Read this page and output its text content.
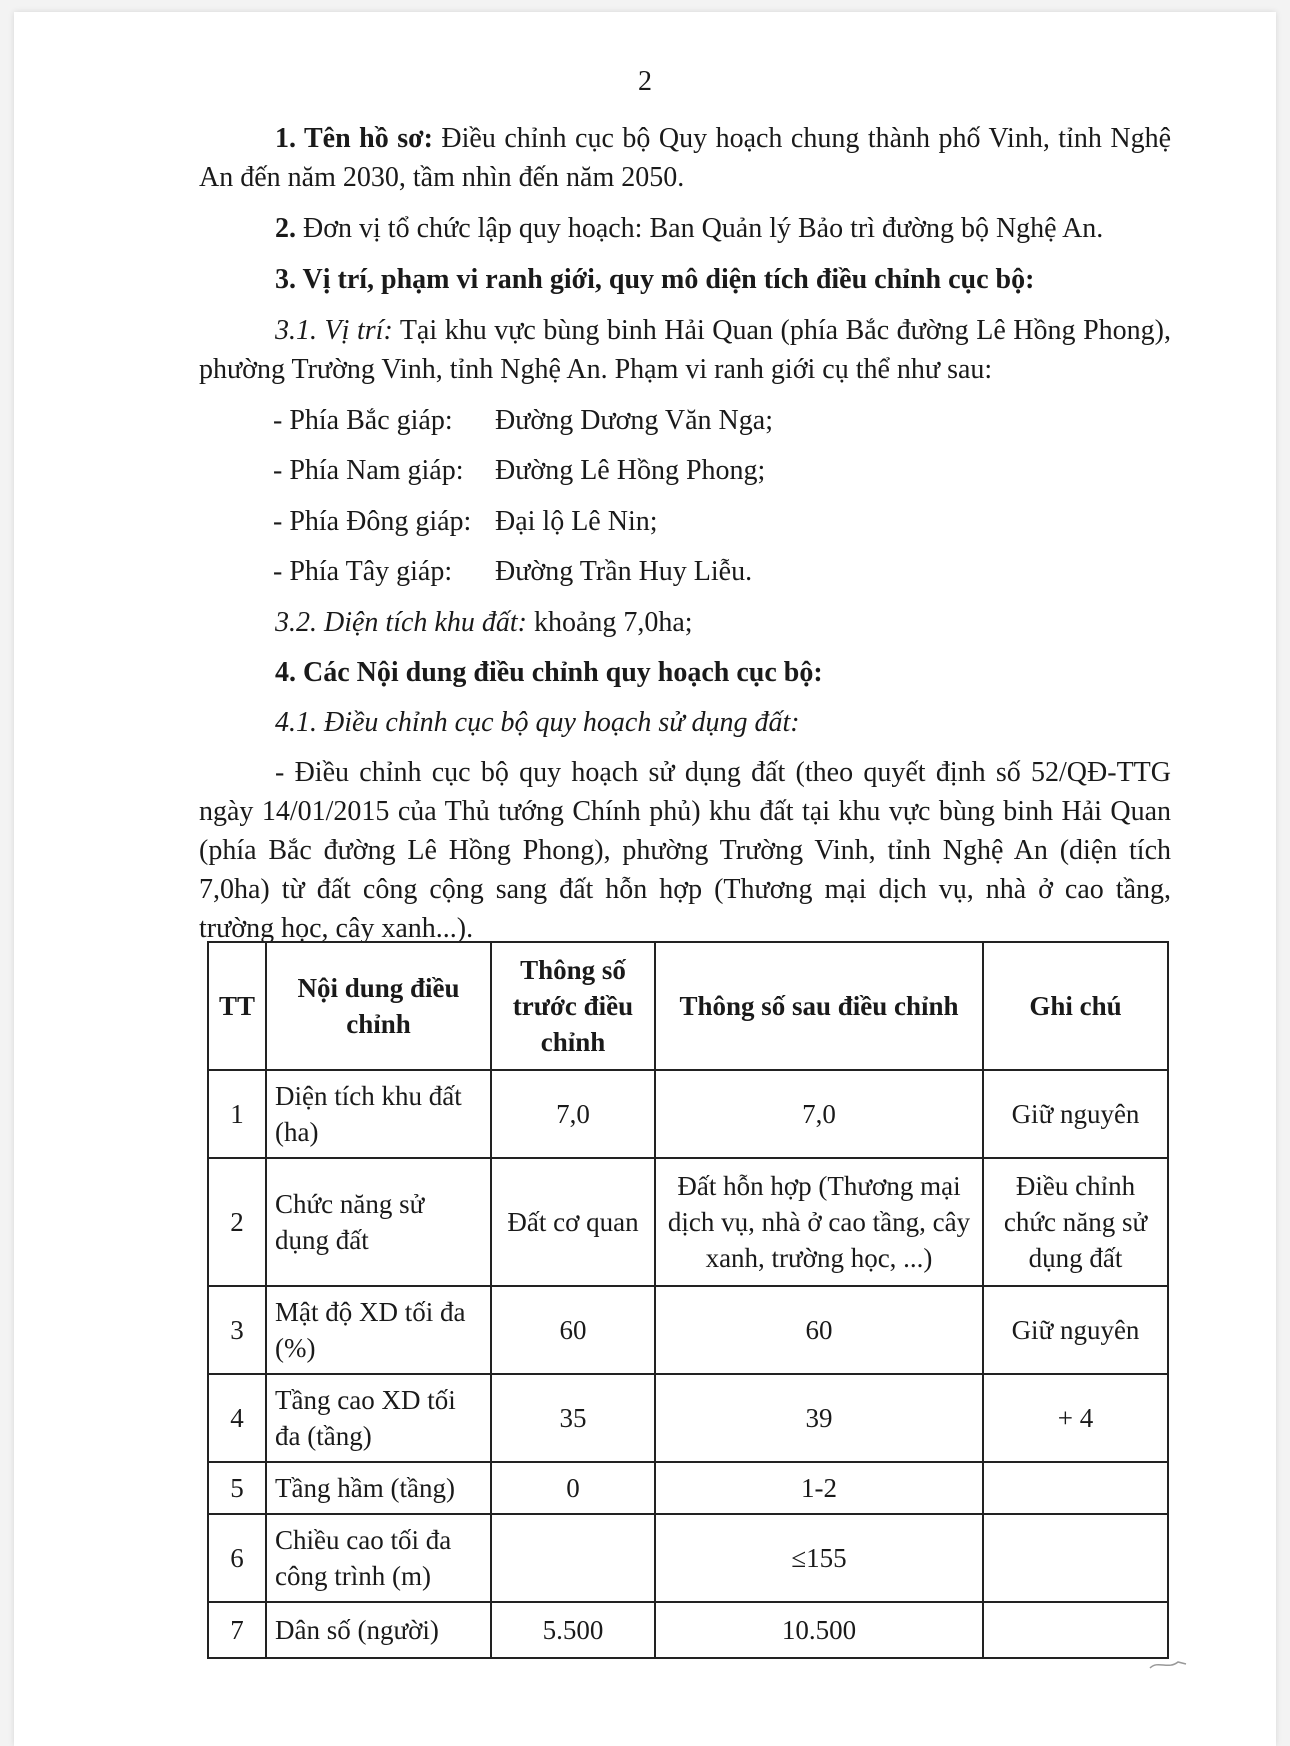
2

1. Tên hồ sơ: Điều chỉnh cục bộ Quy hoạch chung thành phố Vinh, tỉnh Nghệ An đến năm 2030, tầm nhìn đến năm 2050.

2. Đơn vị tổ chức lập quy hoạch: Ban Quản lý Bảo trì đường bộ Nghệ An.
3. Vị trí, phạm vi ranh giới, quy mô diện tích điều chỉnh cục bộ:

3.1. Vị trí: Tại khu vực bùng binh Hải Quan (phía Bắc đường Lê Hồng Phong), phường Trường Vinh, tỉnh Nghệ An. Phạm vi ranh giới cụ thể như sau:

- Phía Bắc giáp: Đường Dương Văn Nga;
- Phía Nam giáp: Đường Lê Hồng Phong;
- Phía Đông giáp: Đại lộ Lê Nin;
- Phía Tây giáp: Đường Trần Huy Liễu.
3.2. Diện tích khu đất: khoảng 7,0ha;
4. Các Nội dung điều chỉnh quy hoạch cục bộ:
4.1. Điều chỉnh cục bộ quy hoạch sử dụng đất:

- Điều chỉnh cục bộ quy hoạch sử dụng đất (theo quyết định số 52/QĐ-TTG ngày 14/01/2015 của Thủ tướng Chính phủ) khu đất tại khu vực bùng binh Hải Quan (phía Bắc đường Lê Hồng Phong), phường Trường Vinh, tỉnh Nghệ An (diện tích 7,0ha) từ đất công cộng sang đất hỗn hợp (Thương mại dịch vụ, nhà ở cao tầng, trường học, cây xanh...).

TT	Nội dung điều chỉnh	Thông số trước điều chỉnh	Thông số sau điều chỉnh	Ghi chú
1	Diện tích khu đất (ha)	7,0	7,0	Giữ nguyên
2	Chức năng sử dụng đất	Đất cơ quan	Đất hỗn hợp (Thương mại dịch vụ, nhà ở cao tầng, cây xanh, trường học, ...)	Điều chỉnh chức năng sử dụng đất
3	Mật độ XD tối đa (%)	60	60	Giữ nguyên
4	Tầng cao XD tối đa (tầng)	35	39	+ 4
5	Tầng hầm (tầng)	0	1-2	
6	Chiều cao tối đa công trình (m)		≤155	
7	Dân số (người)	5.500	10.500	
